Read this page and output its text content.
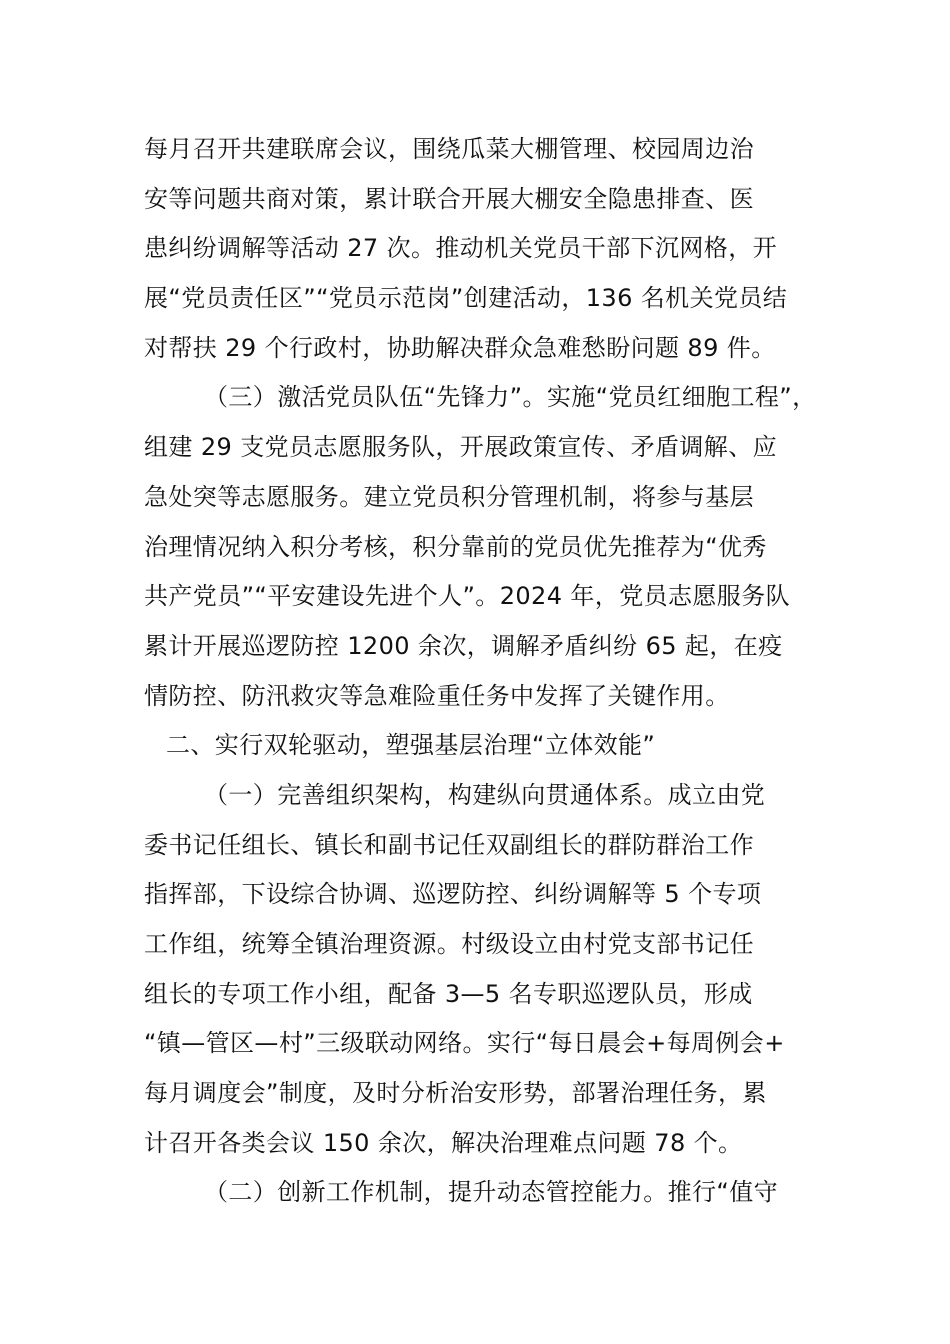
每月召开共建联席会议，围绕瓜菜大棚管理、校园周边治
安等问题共商对策，累计联合开展大棚安全隐患排查、医
患纠纷调解等活动 27 次。推动机关党员干部下沉网格，开
展“党员责任区”“党员示范岗”创建活动，136 名机关党员结
对帮扶 29 个行政村，协助解决群众急难愁盼问题 89 件。
（三）激活党员队伍“先锋力”。实施“党员红细胞工程”，
组建 29 支党员志愿服务队，开展政策宣传、矛盾调解、应
急处突等志愿服务。建立党员积分管理机制，将参与基层
治理情况纳入积分考核，积分靠前的党员优先推荐为“优秀
共产党员”“平安建设先进个人”。2024 年，党员志愿服务队
累计开展巡逻防控 1200 余次，调解矛盾纠纷 65 起，在疫
情防控、防汛救灾等急难险重任务中发挥了关键作用。
二、实行双轮驱动，塑强基层治理“立体效能”
（一）完善组织架构，构建纵向贯通体系。成立由党
委书记任组长、镇长和副书记任双副组长的群防群治工作
指挥部，下设综合协调、巡逻防控、纠纷调解等 5 个专项
工作组，统筹全镇治理资源。村级设立由村党支部书记任
组长的专项工作小组，配备 3—5 名专职巡逻队员，形成
“镇—管区—村”三级联动网络。实行“每日晨会+每周例会+
每月调度会”制度，及时分析治安形势，部署治理任务，累
计召开各类会议 150 余次，解决治理难点问题 78 个。
（二）创新工作机制，提升动态管控能力。推行“值守
